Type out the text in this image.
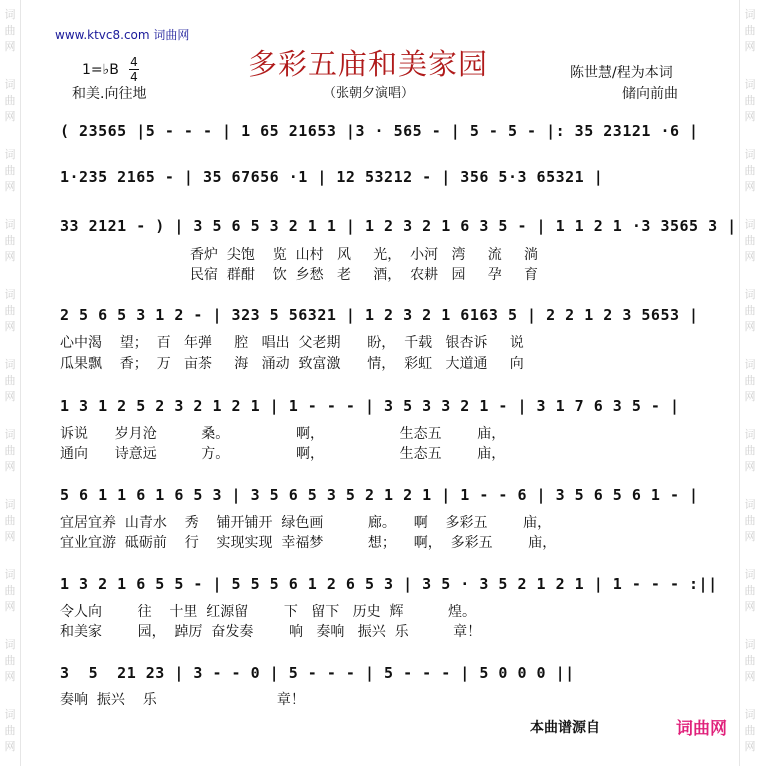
词
曲
网
词
曲
网
词
曲
网
词
曲
网
词
曲
网
词
曲
网
词
曲
网
词
曲
网
词
曲
网
词
曲
网
词
曲
网
词
曲
网
词
曲
网
词
曲
网
词
曲
网
词
曲
网
词
曲
网
词
曲
网
词
曲
网
词
曲
网
词
曲
网
词
曲
网
www.ktvc8.com 词曲网
多彩五庙和美家园
（张朝夕演唱）
1=♭B 4
4
和美.向往地
陈世慧/程为本词
储向前曲
( 23565 |5 - - - | 1 65 21653 |3 · 565 - | 5 - 5 - |: 35 23121 ·6 |
1·235 2165 - | 35 67656 ·1 | 12 53212 - | 356 5·3 65321 |
33 2121 - ) | 3 5 6 5 3 2 1 1 | 1 2 3 2 1 6 3 5 - | 1 1 2 1 ·3 3565 3 |
香炉  尖饱    览  山村   风     光，  小河   湾     流     淌
民宿  群酣    饮  乡愁   老     酒，  农耕   园     孕     育
2 5 6 5 3 1 2 - | 323 5 56321 | 1 2 3 2 1 6163 5 | 2 2 1 2 3 5653 |
心中渴    望；  百   年弹     腔   唱出  父老期      盼，  千载   银杏诉     说
瓜果飘    香；  万   亩茶     海   涌动  致富激      情，  彩虹   大道通     向
1 3 1 2 5 2 3 2 1 2 1 | 1 - - - | 3 5 3 3 2 1 - | 3 1 7 6 3 5 - |
诉说      岁月沧          桑。               啊，                 生态五        庙，
通向      诗意远          方。               啊，                 生态五        庙，
5 6 1 1 6 1 6 5 3 | 3 5 6 5 3 5 2 1 2 1 | 1 - - 6 | 3 5 6 5 6 1 - |
宜居宜养  山青水    秀    铺开铺开  绿色画          廊。    啊    多彩五        庙，
宜业宜游  砥砺前    行    实现实现  幸福梦          想；    啊，  多彩五        庙，
1 3 2 1 6 5 5 - | 5 5 5 6 1 2 6 5 3 | 3 5 · 3 5 2 1 2 1 | 1 - - - :||
令人向        往    十里  红源留        下   留下   历史  辉          煌。
和美家        园，  踔厉  奋发奏        响   奏响   振兴  乐          章！
3  5  21 23 | 3 - - 0 | 5 - - - | 5 - - - | 5 0 0 0 ||
奏响  振兴    乐                           章！
本曲谱源自	词曲网
